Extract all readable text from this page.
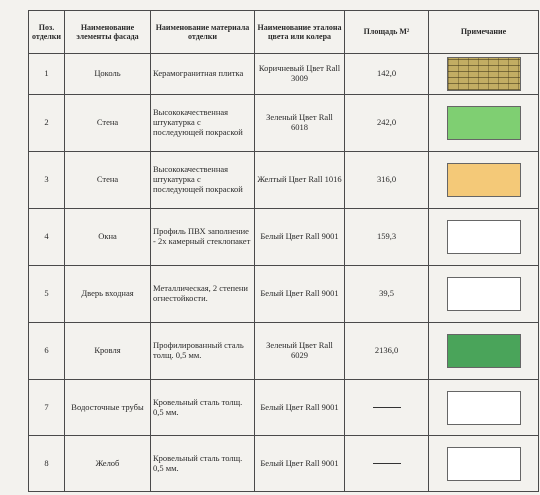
Поз. отделки	Наименование элементы фасада	Наименование материала отделки	Наименование эталона цвета или колера	Площадь М²	Примечание
1	Цоколь	Керамогранитная плитка	Коричневый Цвет Rall 3009	142,0	

2	Стена	Высококачественная штукатурка с последующей покраской	Зеленый Цвет Rall 6018	242,0	

3	Стена	Высококачественная штукатурка с последующей покраской	Желтый Цвет Rall 1016	316,0	

4	Окна	Профиль ПВХ заполнение - 2х камерный стеклопакет	Белый Цвет Rall 9001	159,3	

5	Дверь входная	Металлическая, 2 степени огнестойкости.	Белый Цвет Rall 9001	39,5	

6	Кровля	Профилированный сталь толщ. 0,5 мм.	Зеленый Цвет Rall 6029	2136,0	

7	Водосточные трубы	Кровельный сталь толщ. 0,5 мм.	Белый Цвет Rall 9001		

8	Желоб	Кровельный сталь толщ. 0,5 мм.	Белый Цвет Rall 9001		
